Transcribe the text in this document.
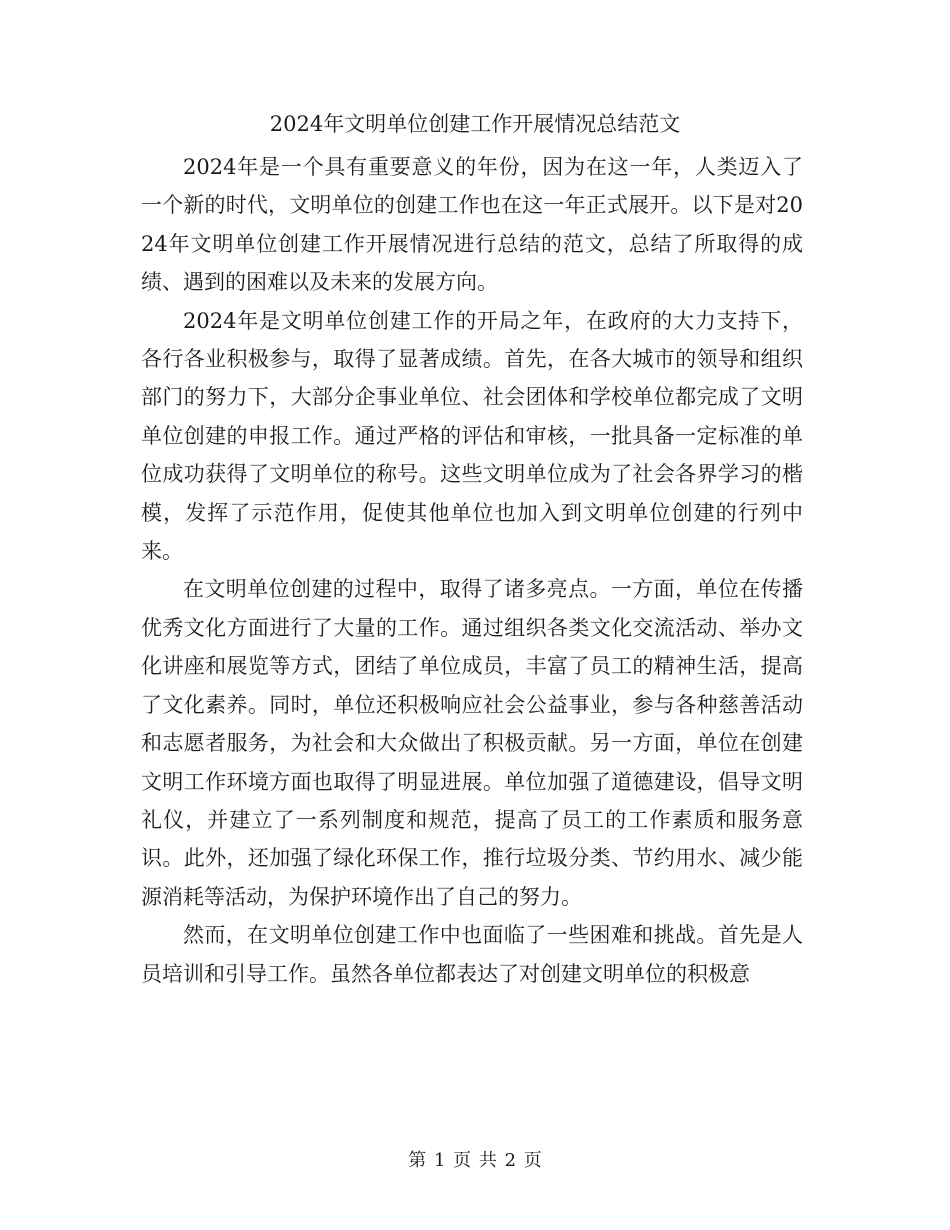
2024年文明单位创建工作开展情况总结范文

2024年是一个具有重要意义的年份，因为在这一年，人类迈入了一个新的时代，文明单位的创建工作也在这一年正式展开。以下是对2024年文明单位创建工作开展情况进行总结的范文，总结了所取得的成绩、遇到的困难以及未来的发展方向。

2024年是文明单位创建工作的开局之年，在政府的大力支持下，各行各业积极参与，取得了显著成绩。首先，在各大城市的领导和组织部门的努力下，大部分企事业单位、社会团体和学校单位都完成了文明单位创建的申报工作。通过严格的评估和审核，一批具备一定标准的单位成功获得了文明单位的称号。这些文明单位成为了社会各界学习的楷模，发挥了示范作用，促使其他单位也加入到文明单位创建的行列中来。

在文明单位创建的过程中，取得了诸多亮点。一方面，单位在传播优秀文化方面进行了大量的工作。通过组织各类文化交流活动、举办文化讲座和展览等方式，团结了单位成员，丰富了员工的精神生活，提高了文化素养。同时，单位还积极响应社会公益事业，参与各种慈善活动和志愿者服务，为社会和大众做出了积极贡献。另一方面，单位在创建文明工作环境方面也取得了明显进展。单位加强了道德建设，倡导文明礼仪，并建立了一系列制度和规范，提高了员工的工作素质和服务意识。此外，还加强了绿化环保工作，推行垃圾分类、节约用水、减少能源消耗等活动，为保护环境作出了自己的努力。

然而，在文明单位创建工作中也面临了一些困难和挑战。首先是人员培训和引导工作。虽然各单位都表达了对创建文明单位的积极意

第 1 页 共 2 页
